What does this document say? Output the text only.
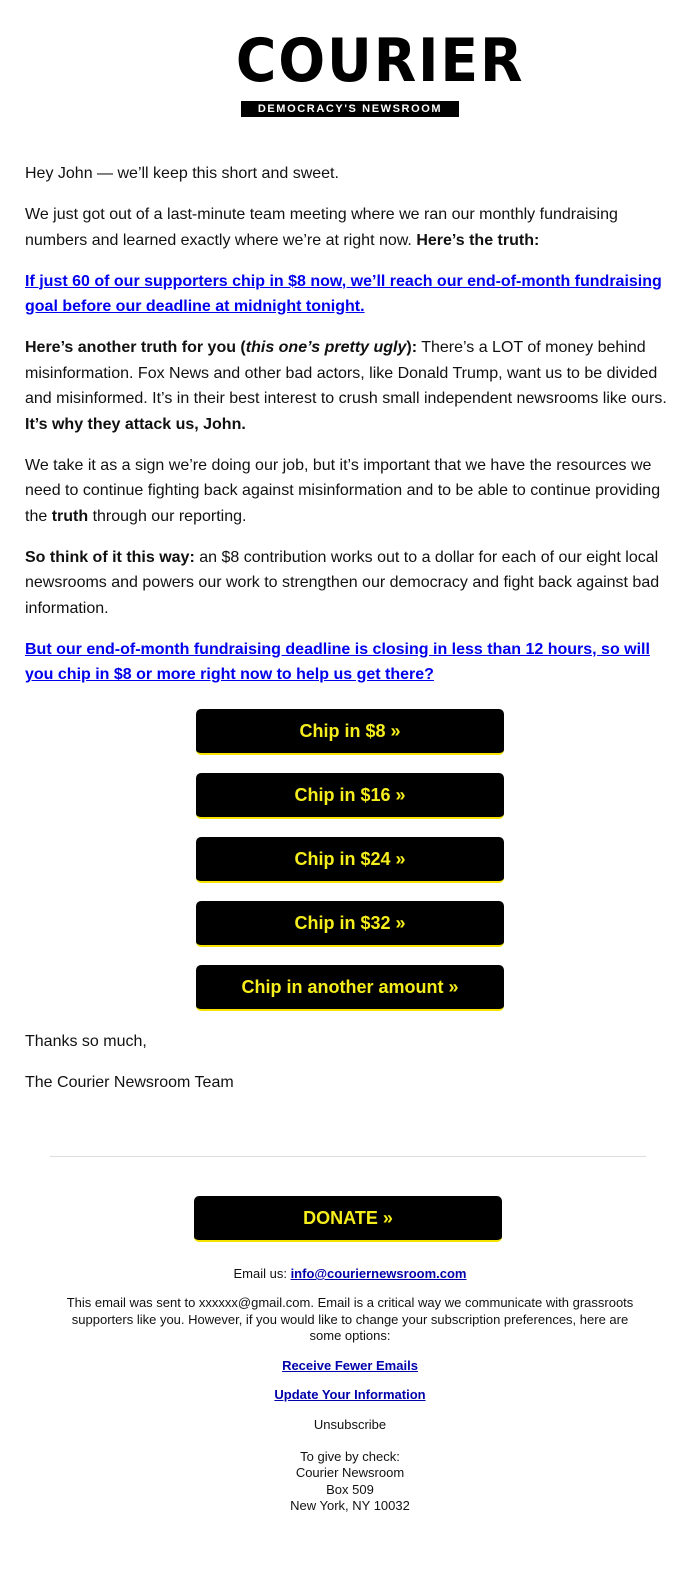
COURIER
DEMOCRACY'S NEWSROOM

Hey John — we’ll keep this short and sweet.

We just got out of a last-minute team meeting where we ran our monthly fundraising numbers and learned exactly where we’re at right now. Here’s the truth:

If just 60 of our supporters chip in $8 now, we’ll reach our end-of-month fundraising goal before our deadline at midnight tonight.

Here’s another truth for you (this one’s pretty ugly): There’s a LOT of money behind misinformation. Fox News and other bad actors, like Donald Trump, want us to be divided and misinformed. It’s in their best interest to crush small independent newsrooms like ours. It’s why they attack us, John.

We take it as a sign we’re doing our job, but it’s important that we have the resources we need to continue fighting back against misinformation and to be able to continue providing the truth through our reporting.

So think of it this way: an $8 contribution works out to a dollar for each of our eight local newsrooms and powers our work to strengthen our democracy and fight back against bad information.

But our end-of-month fundraising deadline is closing in less than 12 hours, so will you chip in $8 or more right now to help us get there?

Chip in $8 »
Chip in $16 »
Chip in $24 »
Chip in $32 »
Chip in another amount »

Thanks so much,

The Courier Newsroom Team

DONATE »

Email us: info@couriernewsroom.com

This email was sent to xxxxxx@gmail.com. Email is a critical way we communicate with grassroots supporters like you. However, if you would like to change your subscription preferences, here are some options:

Receive Fewer Emails

Update Your Information

Unsubscribe

To give by check:
Courier Newsroom
Box 509
New York, NY 10032
